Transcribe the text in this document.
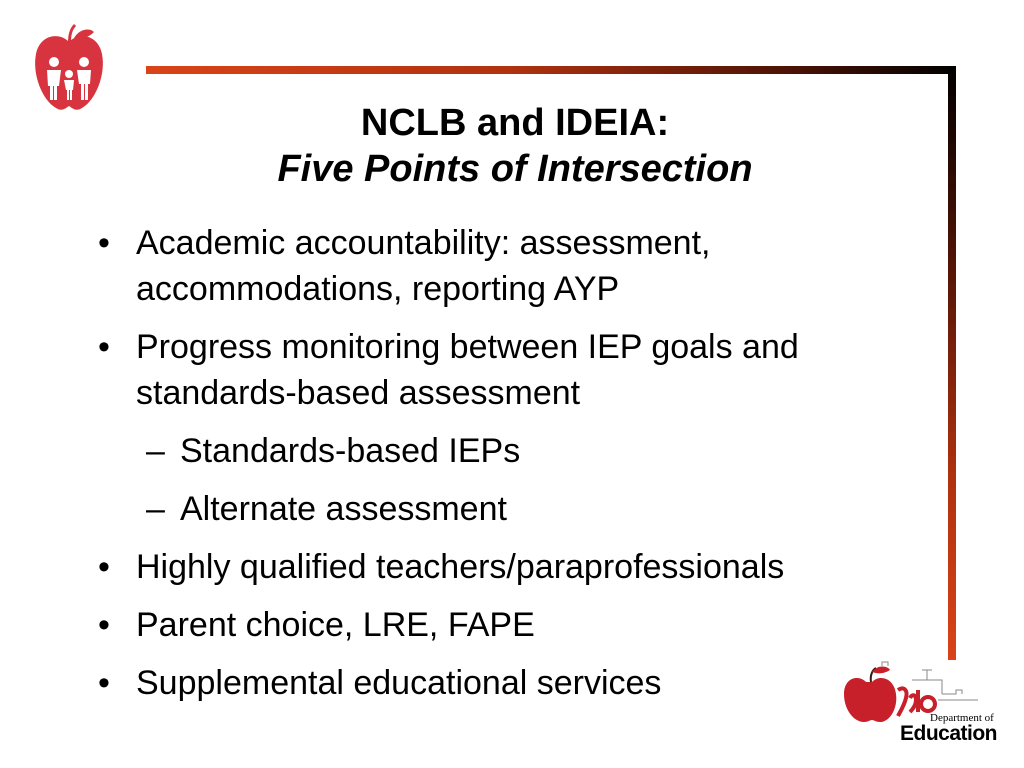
NCLB and IDEIA:
Five Points of Intersection
• Academic accountability: assessment, accommodations, reporting AYP
• Progress monitoring between IEP goals and standards-based assessment
– Standards-based IEPs
– Alternate assessment
• Highly qualified teachers/paraprofessionals
• Parent choice, LRE, FAPE
• Supplemental educational services
Department of
Education
